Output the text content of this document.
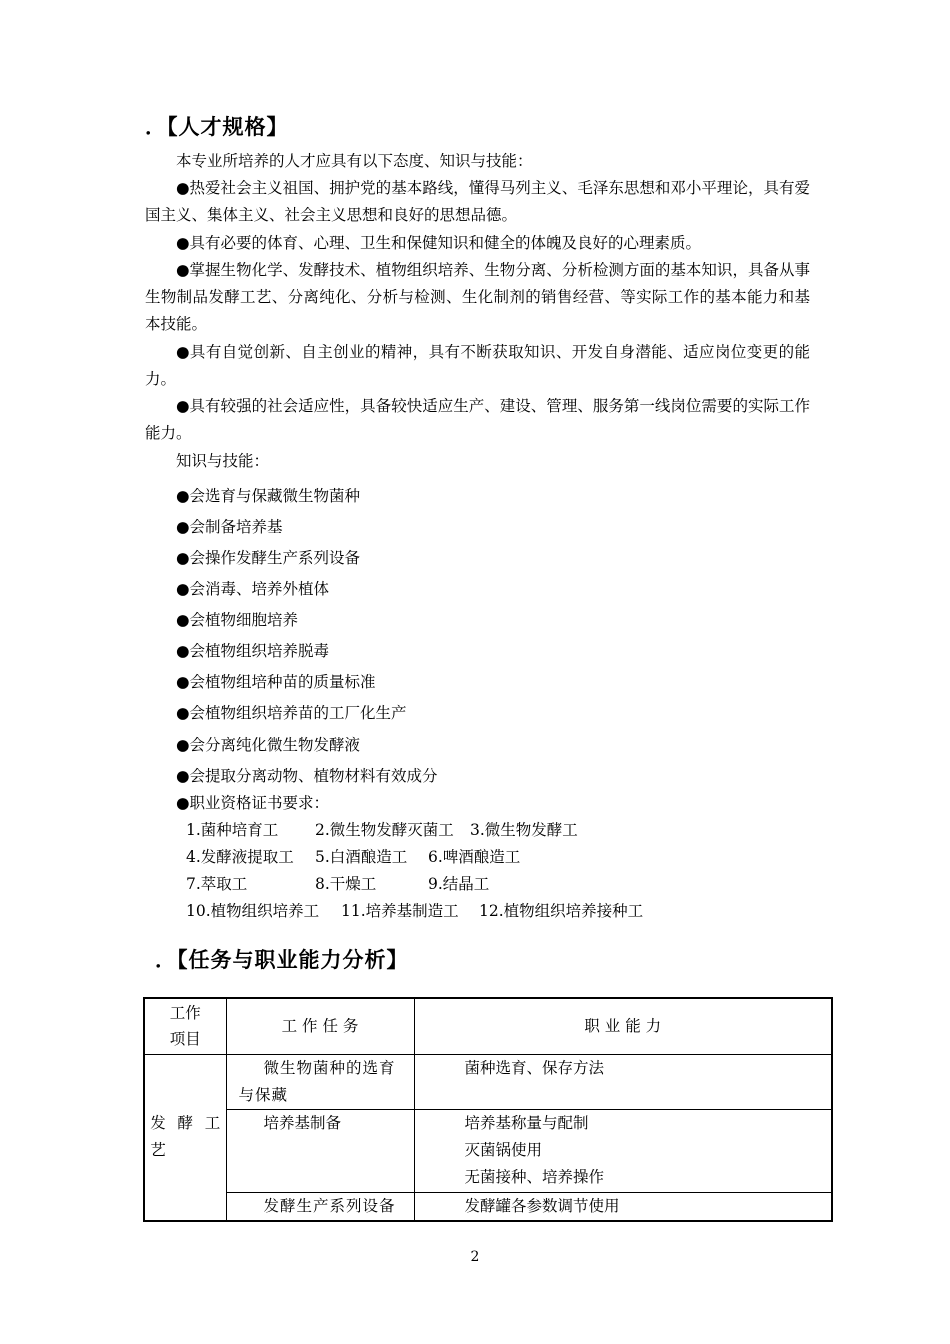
．【人才规格】
本专业所培养的人才应具有以下态度、知识与技能：
●热爱社会主义祖国、拥护党的基本路线，懂得马列主义、毛泽东思想和邓小平理论，具有爱国主义、集体主义、社会主义思想和良好的思想品德。
●具有必要的体育、心理、卫生和保健知识和健全的体魄及良好的心理素质。
●掌握生物化学、发酵技术、植物组织培养、生物分离、分析检测方面的基本知识，具备从事生物制品发酵工艺、分离纯化、分析与检测、生化制剂的销售经营、等实际工作的基本能力和基本技能。
●具有自觉创新、自主创业的精神，具有不断获取知识、开发自身潜能、适应岗位变更的能力。
●具有较强的社会适应性，具备较快适应生产、建设、管理、服务第一线岗位需要的实际工作能力。
知识与技能：
●会选育与保藏微生物菌种
●会制备培养基
●会操作发酵生产系列设备
●会消毒、培养外植体
●会植物细胞培养
●会植物组织培养脱毒
●会植物组培种苗的质量标准
●会植物组织培养苗的工厂化生产
●会分离纯化微生物发酵液
●会提取分离动物、植物材料有效成分
●职业资格证书要求：
1.菌种培育工 2.微生物发酵灭菌工 3.微生物发酵工
4.发酵液提取工 5.白酒酿造工 6.啤酒酿造工
7.萃取工	8.干燥工	9.结晶工
10.植物组织培养工 11.培养基制造工 12.植物组织培养接种工
．【任务与职业能力分析】
工作项目	工 作 任 务	职 业 能 力

发 酵 工艺	微生物菌种的选育与保藏	菌种选育、保存方法

	培养基制备	培养基称量与配制
灭菌锅使用
无菌接种、培养操作

	发酵生产系列设备	发酵罐各参数调节使用
2
